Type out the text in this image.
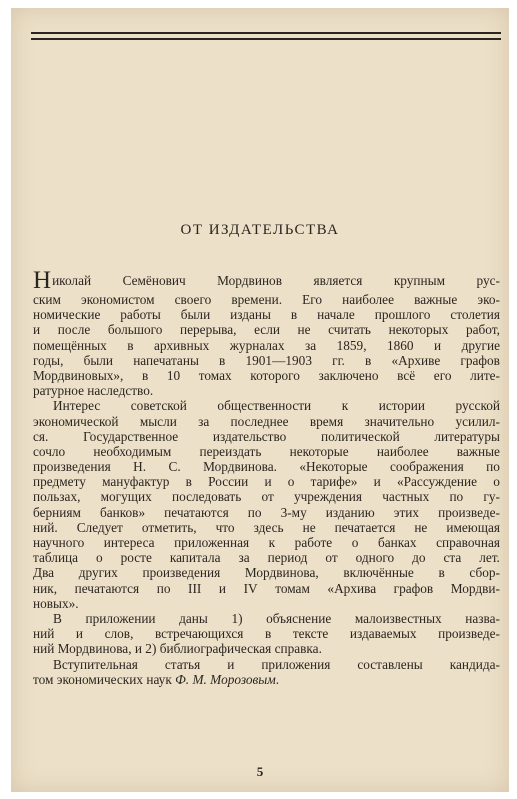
ОТ ИЗДАТЕЛЬСТВА
Н иколай Семёнович Мордвинов является крупным рус-
ским экономистом своего времени. Его наиболее важные эко-
номические работы были изданы в начале прошлого столетия
и после большого перерыва, если не считать некоторых работ,
помещённых в архивных журналах за 1859, 1860 и другие
годы, были напечатаны в 1901—1903 гг. в «Архиве графов
Мордвиновых», в 10 томах которого заключено всё его лите-
ратурное наследство.
Интерес советской общественности к истории русской
экономической мысли за последнее время значительно усилил-
ся.	Государственное	издательство	политической	литературы
сочло необходимым переиздать некоторые наиболее важные
произведения Н. С. Мордвинова. «Некоторые соображения по
предмету мануфактур в России и о тарифе» и «Рассуждение о
пользах, могущих последовать от учреждения частных по гу-
берниям банков» печатаются по 3-му изданию этих произведе-
ний. Следует отметить, что здесь не печатается не имеющая
научного интереса приложенная к работе о банках справочная
таблица о росте капитала за период от одного до ста лет.
Два других произведения Мордвинова, включённые в сбор-
ник, печатаются по III и IV томам «Архива графов Мордви-
новых».
В приложении даны 1) объяснение малоизвестных назва-
ний и слов, встречающихся в тексте издаваемых произведе-
ний Мордвинова, и 2) библиографическая справка.
Вступительная статья и приложения составлены кандида-
том экономических наук Ф. М. Морозовым .
5
